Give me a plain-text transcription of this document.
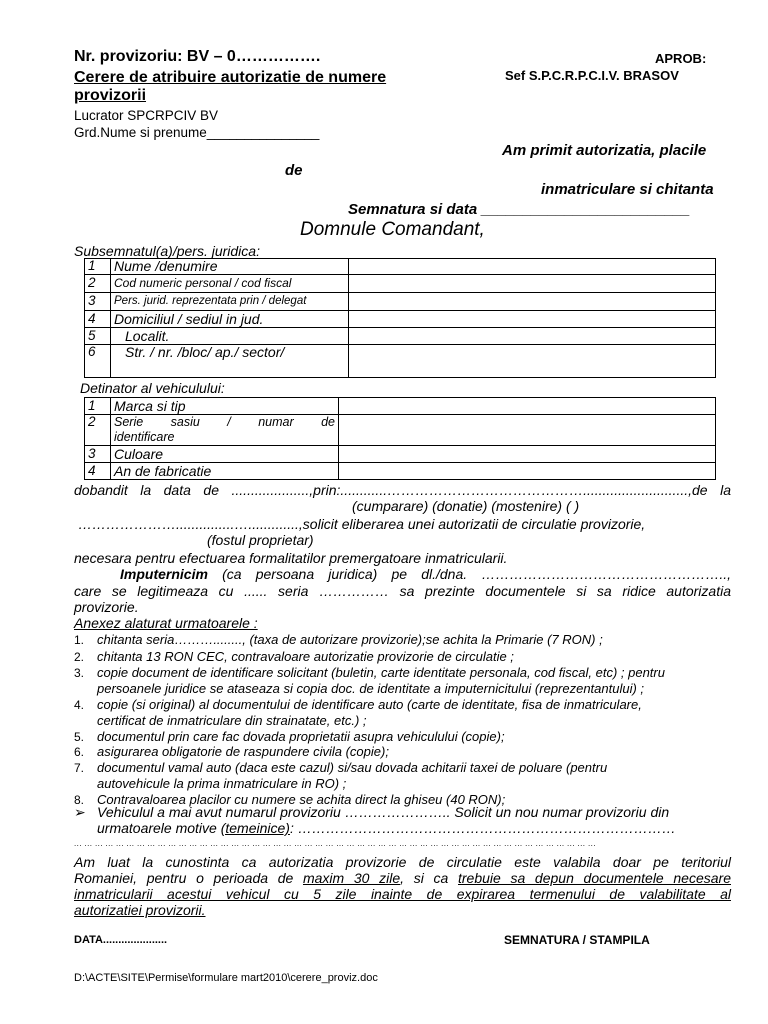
Nr. provizoriu: BV – 0…………….
Cerere de atribuire autorizatie de numere
provizorii
Lucrator SPCRPCIV BV
Grd.Nume si prenume_______________
APROB:
Sef S.P.C.R.P.C.I.V. BRASOV
Am primit autorizatia, placile
de
inmatriculare si chitanta
Semnatura si data _________________________
Domnule Comandant,
Subsemnatul(a)/pers. juridica:
1	Nume /denumire	
2	Cod numeric personal / cod fiscal	

3	Pers. jurid. reprezentata prin / delegat	
4	Domiciliul / sediul in jud.	
5	Localit.	
6	Str. / nr. /bloc/ ap./ sector/	
Detinator al vehiculului:
1	Marca si tip	
2	Serie sasiu / numar de
identificare	

3	Culoare	
4	An de fabricatie	
dobandit la data de ....................,prin:............……………………………………...........................,de la
(cumparare) (donatie) (mostenire) ( )
…………………...............….............,solicit eliberarea unei autorizatii de circulatie provizorie,
(fostul proprietar)
necesara pentru efectuarea formalitatilor premergatoare inmatricularii.
Imputernicim (ca persoana juridica) pe dl./dna. ……………………………………………..,
care se legitimeaza cu ...... seria …………… sa prezinte documentele si sa ridice autorizatia
provizorie.
Anexez alaturat urmatoarele :
1. chitanta seria………........, (taxa de autorizare provizorie);se achita la Primarie (7 RON) ;
2. chitanta 13 RON CEC, contravaloare autorizatie provizorie de circulatie ;
3. copie document de identificare solicitant (buletin, carte identitate personala, cod fiscal, etc) ; pentru
persoanele juridice se ataseaza si copia doc. de identitate a imputernicitului (reprezentantului) ;
4. copie (si original) al documentului de identificare auto (carte de identitate, fisa de inmatriculare,
certificat de inmatriculare din strainatate, etc.) ;
5. documentul prin care fac dovada proprietatii asupra vehiculului (copie);
6. asigurarea obligatorie de raspundere civila (copie);
7. documentul vamal auto (daca este cazul) si/sau dovada achitarii taxei de poluare (pentru
autovehicule la prima inmatriculare in RO) ;
8. Contravaloarea placilor cu numere se achita direct la ghiseu (40 RON);
➢ Vehiculul a mai avut numarul provizoriu ………………….. Solicit un nou numar provizoriu din
urmatoarele motive (temeinice): ………………………………………………………………………
... ... ... ... ... ... ... ... ... ... ... ... ... ... ... ... ... ... ... ... ... ... ... ... ... ... ... ... ... ... ... ... ... ... ... ... ... ... ... ... ... ... ... ... ... ... ... ... ... ...
Am luat la cunostinta ca autorizatia provizorie de circulatie este valabila doar pe teritoriul
Romaniei, pentru o perioada de maxim 30 zile, si ca trebuie sa depun documentele necesare
inmatricularii acestui vehicul cu 5 zile inainte de expirarea termenului de valabilitate al
autorizatiei provizorii.
DATA.....................	SEMNATURA / STAMPILA
D:\ACTE\SITE\Permise\formulare mart2010\cerere_proviz.doc
